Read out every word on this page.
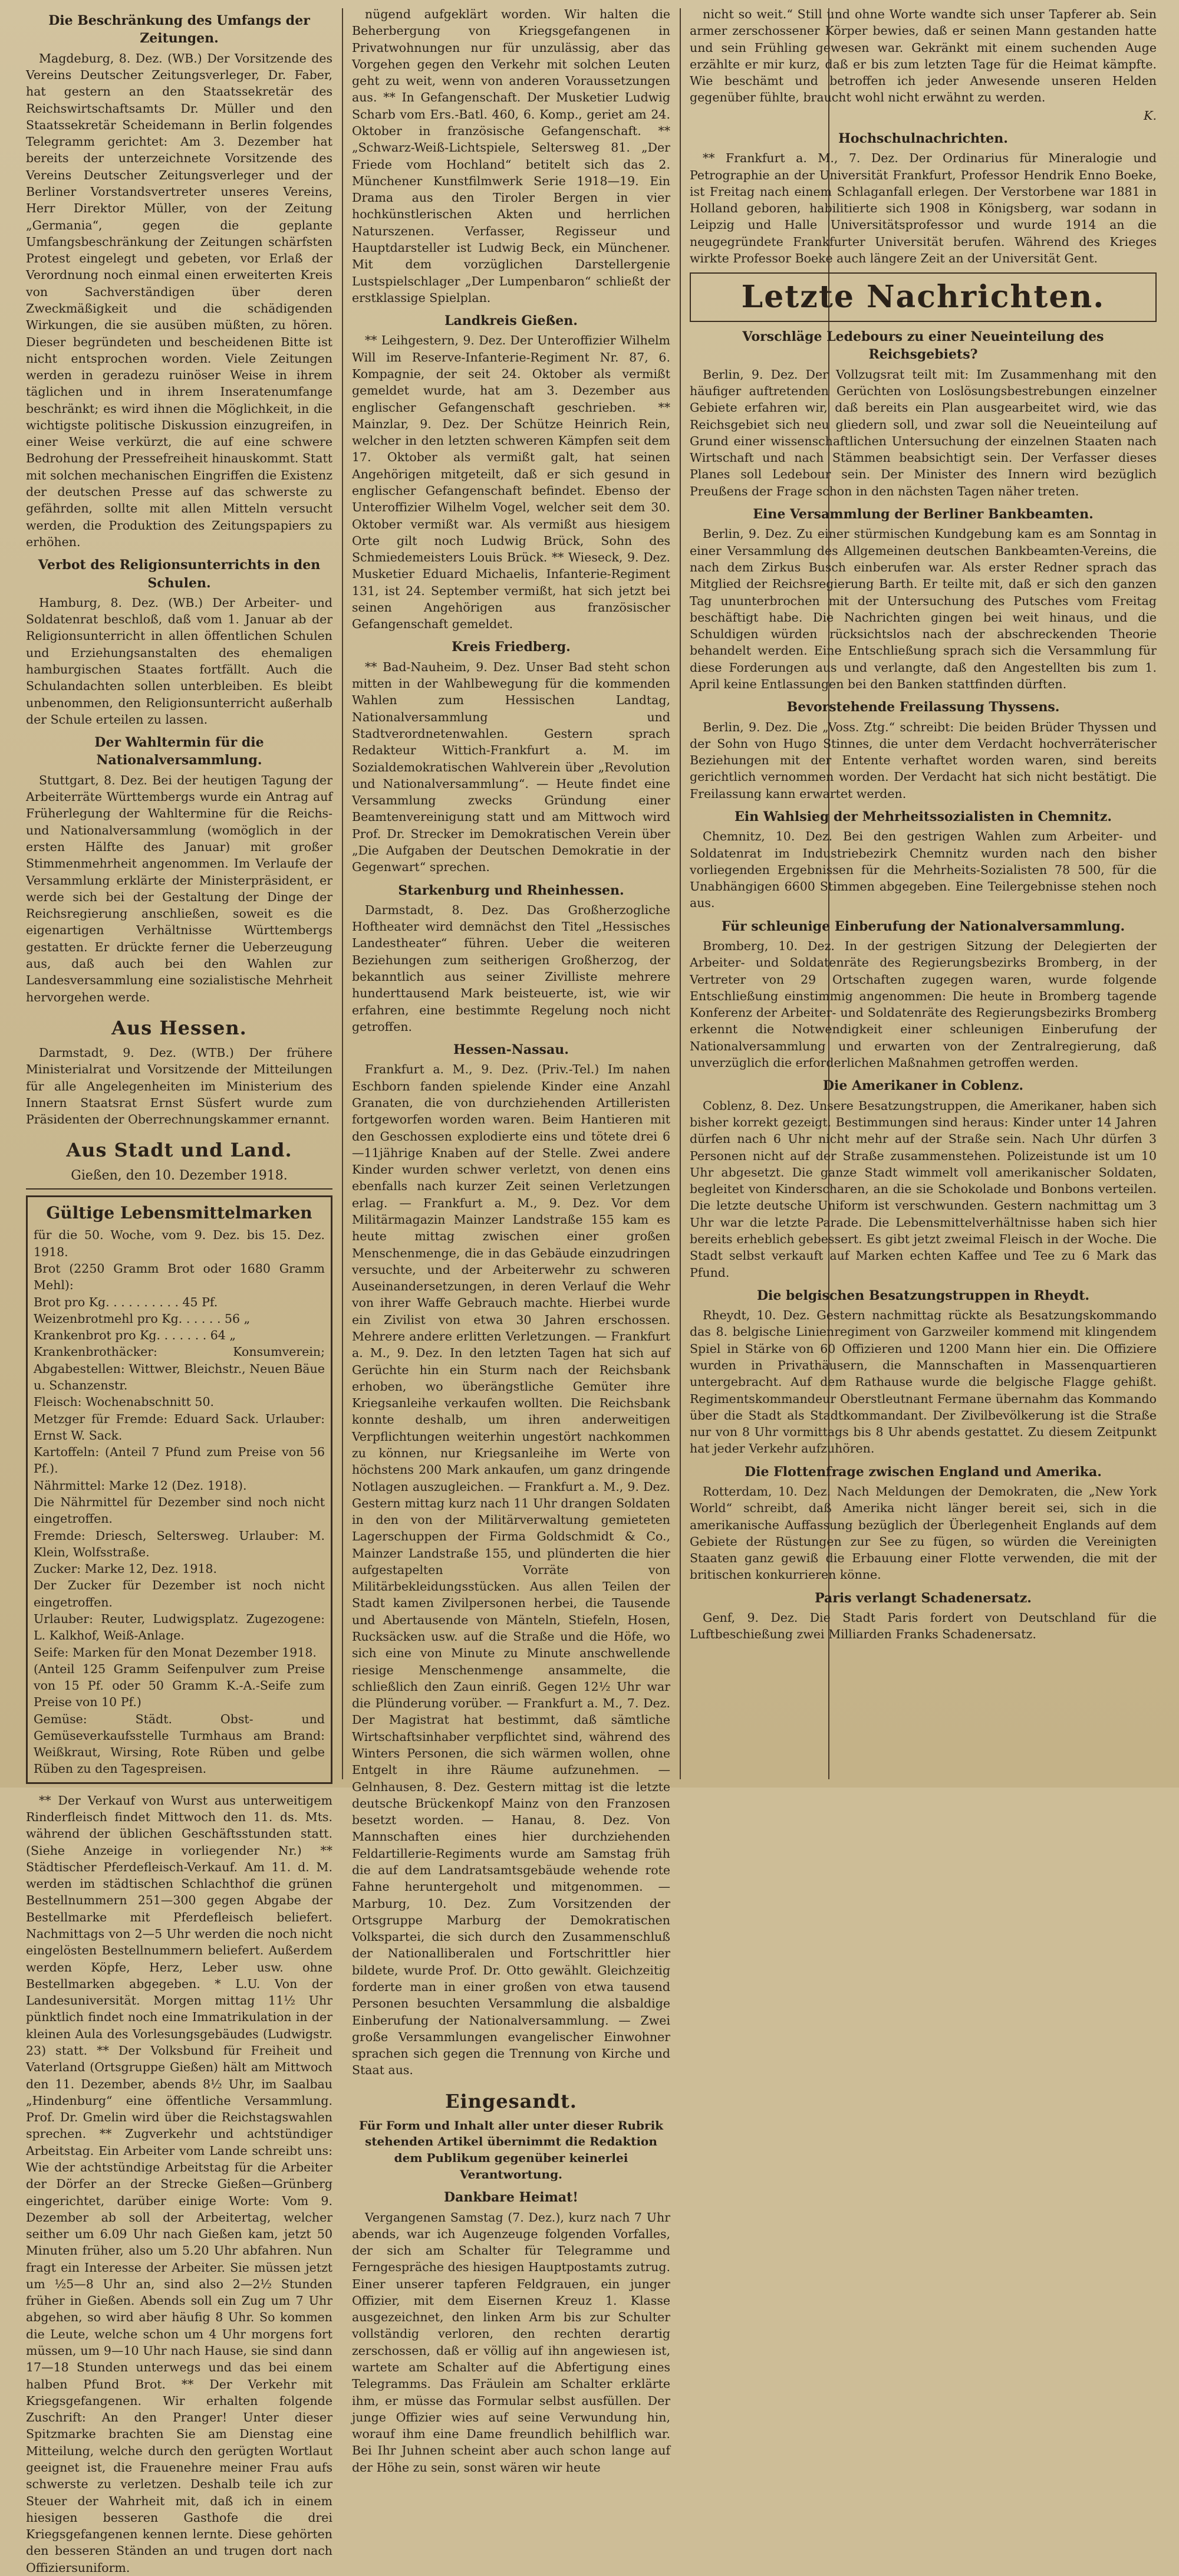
Die Beschränkung des Umfangs der Zeitungen.

Magdeburg, 8. Dez. (WB.) Der Vorsitzende des Vereins Deutscher Zeitungsverleger, Dr. Faber, hat gestern an den Staatssekretär des Reichswirtschaftsamts Dr. Müller und den Staatssekretär Scheidemann in Berlin folgendes Telegramm gerichtet: Am 3. Dezember hat bereits der unterzeichnete Vorsitzende des Vereins Deutscher Zeitungsverleger und der Berliner Vorstandsvertreter unseres Vereins, Herr Direktor Müller, von der Zeitung „Germania“, gegen die geplante Umfangsbeschränkung der Zeitungen schärfsten Protest eingelegt und gebeten, vor Erlaß der Verordnung noch einmal einen erweiterten Kreis von Sachverständigen über deren Zweckmäßigkeit und die schädigenden Wirkungen, die sie ausüben müßten, zu hören. Dieser begründeten und bescheidenen Bitte ist nicht entsprochen worden. Viele Zeitungen werden in geradezu ruinöser Weise in ihrem täglichen und in ihrem Inseratenumfange beschränkt; es wird ihnen die Möglichkeit, in die wichtigste politische Diskussion einzugreifen, in einer Weise verkürzt, die auf eine schwere Bedrohung der Pressefreiheit hinauskommt. Statt mit solchen mechanischen Eingriffen die Existenz der deutschen Presse auf das schwerste zu gefährden, sollte mit allen Mitteln versucht werden, die Produktion des Zeitungspapiers zu erhöhen.

Verbot des Religionsunterrichts in den Schulen.

Hamburg, 8. Dez. (WB.) Der Arbeiter- und Soldatenrat beschloß, daß vom 1. Januar ab der Religionsunterricht in allen öffentlichen Schulen und Erziehungsanstalten des ehemaligen hamburgischen Staates fortfällt. Auch die Schulandachten sollen unterbleiben. Es bleibt unbenommen, den Religionsunterricht außerhalb der Schule erteilen zu lassen.

Der Wahltermin für die Nationalversammlung.

Stuttgart, 8. Dez. Bei der heutigen Tagung der Arbeiterräte Württembergs wurde ein Antrag auf Früherlegung der Wahltermine für die Reichs- und Nationalversammlung (womöglich in der ersten Hälfte des Januar) mit großer Stimmenmehrheit angenommen. Im Verlaufe der Versammlung erklärte der Ministerpräsident, er werde sich bei der Gestaltung der Dinge der Reichsregierung anschließen, soweit es die eigenartigen Verhältnisse Württembergs gestatten. Er drückte ferner die Ueberzeugung aus, daß auch bei den Wahlen zur Landesversammlung eine sozialistische Mehrheit hervorgehen werde.

Aus Hessen.

Darmstadt, 9. Dez. (WTB.) Der frühere Ministerialrat und Vorsitzende der Mitteilungen für alle Angelegenheiten im Ministerium des Innern Staatsrat Ernst Süsfert wurde zum Präsidenten der Oberrechnungskammer ernannt.

Aus Stadt und Land.
Gießen, den 10. Dezember 1918.
Gültige Lebensmittelmarken
für die 50. Woche, vom 9. Dez. bis 15. Dez. 1918.
Brot (2250 Gramm Brot oder 1680 Gramm Mehl):
Brot pro Kg. . . . . . . . . . 45 Pf.
Weizenbrotmehl pro Kg. . . . . . 56 „
Krankenbrot pro Kg. . . . . . . 64 „
Krankenbrothäcker: Konsumverein; Abgabestellen: Wittwer, Bleichstr., Neuen Bäue u. Schanzenstr.
Fleisch: Wochenabschnitt 50.
Metzger für Fremde: Eduard Sack. Urlauber: Ernst W. Sack.
Kartoffeln: (Anteil 7 Pfund zum Preise von 56 Pf.).
Nährmittel: Marke 12 (Dez. 1918).
Die Nährmittel für Dezember sind noch nicht eingetroffen.
Fremde: Driesch, Seltersweg. Urlauber: M. Klein, Wolfsstraße.
Zucker: Marke 12, Dez. 1918.
Der Zucker für Dezember ist noch nicht eingetroffen.
Urlauber: Reuter, Ludwigsplatz. Zugezogene: L. Kalkhof, Weiß-Anlage.
Seife: Marken für den Monat Dezember 1918.
(Anteil 125 Gramm Seifenpulver zum Preise von 15 Pf. oder 50 Gramm K.-A.-Seife zum Preise von 10 Pf.)
Gemüse: Städt. Obst- und Gemüseverkaufsstelle Turmhaus am Brand: Weißkraut, Wirsing, Rote Rüben und gelbe Rüben zu den Tagespreisen.

** Der Verkauf von Wurst aus unterweitigem Rinderfleisch findet Mittwoch den 11. ds. Mts. während der üblichen Geschäftsstunden statt. (Siehe Anzeige in vorliegender Nr.) ** Städtischer Pferdefleisch-Verkauf. Am 11. d. M. werden im städtischen Schlachthof die grünen Bestellnummern 251—300 gegen Abgabe der Bestellmarke mit Pferdefleisch beliefert. Nachmittags von 2—5 Uhr werden die noch nicht eingelösten Bestellnummern beliefert. Außerdem werden Köpfe, Herz, Leber usw. ohne Bestellmarken abgegeben. * L.U. Von der Landesuniversität. Morgen mittag 11½ Uhr pünktlich findet noch eine Immatrikulation in der kleinen Aula des Vorlesungsgebäudes (Ludwigstr. 23) statt. ** Der Volksbund für Freiheit und Vaterland (Ortsgruppe Gießen) hält am Mittwoch den 11. Dezember, abends 8½ Uhr, im Saalbau „Hindenburg“ eine öffentliche Versammlung. Prof. Dr. Gmelin wird über die Reichstagswahlen sprechen. ** Zugverkehr und achtstündiger Arbeitstag. Ein Arbeiter vom Lande schreibt uns: Wie der achtstündige Arbeitstag für die Arbeiter der Dörfer an der Strecke Gießen—Grünberg eingerichtet, darüber einige Worte: Vom 9. Dezember ab soll der Arbeitertag, welcher seither um 6.09 Uhr nach Gießen kam, jetzt 50 Minuten früher, also um 5.20 Uhr abfahren. Nun fragt ein Interesse der Arbeiter. Sie müssen jetzt um ½5—8 Uhr an, sind also 2—2½ Stunden früher in Gießen. Abends soll ein Zug um 7 Uhr abgehen, so wird aber häufig 8 Uhr. So kommen die Leute, welche schon um 4 Uhr morgens fort müssen, um 9—10 Uhr nach Hause, sie sind dann 17—18 Stunden unterwegs und das bei einem halben Pfund Brot. ** Der Verkehr mit Kriegsgefangenen. Wir erhalten folgende Zuschrift: An den Pranger! Unter dieser Spitzmarke brachten Sie am Dienstag eine Mitteilung, welche durch den gerügten Wortlaut geeignet ist, die Frauenehre meiner Frau aufs schwerste zu verletzen. Deshalb teile ich zur Steuer der Wahrheit mit, daß ich in einem hiesigen besseren Gasthofe die drei Kriegsgefangenen kennen lernte. Diese gehörten den besseren Ständen an und trugen dort nach Offiziersuniform.

nügend aufgeklärt worden. Wir halten die Beherbergung von Kriegsgefangenen in Privatwohnungen nur für unzulässig, aber das Vorgehen gegen den Verkehr mit solchen Leuten geht zu weit, wenn von anderen Voraussetzungen aus. ** In Gefangenschaft. Der Musketier Ludwig Scharb vom Ers.-Batl. 460, 6. Komp., geriet am 24. Oktober in französische Gefangenschaft. ** „Schwarz-Weiß-Lichtspiele, Seltersweg 81. „Der Friede vom Hochland“ betitelt sich das 2. Münchener Kunstfilmwerk Serie 1918—19. Ein Drama aus den Tiroler Bergen in vier hochkünstlerischen Akten und herrlichen Naturszenen. Verfasser, Regisseur und Hauptdarsteller ist Ludwig Beck, ein Münchener. Mit dem vorzüglichen Darstellergenie Lustspielschlager „Der Lumpenbaron“ schließt der erstklassige Spielplan.

Landkreis Gießen.

** Leihgestern, 9. Dez. Der Unteroffizier Wilhelm Will im Reserve-Infanterie-Regiment Nr. 87, 6. Kompagnie, der seit 24. Oktober als vermißt gemeldet wurde, hat am 3. Dezember aus englischer Gefangenschaft geschrieben. ** Mainzlar, 9. Dez. Der Schütze Heinrich Rein, welcher in den letzten schweren Kämpfen seit dem 17. Oktober als vermißt galt, hat seinen Angehörigen mitgeteilt, daß er sich gesund in englischer Gefangenschaft befindet. Ebenso der Unteroffizier Wilhelm Vogel, welcher seit dem 30. Oktober vermißt war. Als vermißt aus hiesigem Orte gilt noch Ludwig Brück, Sohn des Schmiedemeisters Louis Brück. ** Wieseck, 9. Dez. Musketier Eduard Michaelis, Infanterie-Regiment 131, ist 24. September vermißt, hat sich jetzt bei seinen Angehörigen aus französischer Gefangenschaft gemeldet.

Kreis Friedberg.

** Bad-Nauheim, 9. Dez. Unser Bad steht schon mitten in der Wahlbewegung für die kommenden Wahlen zum Hessischen Landtag, Nationalversammlung und Stadtverordnetenwahlen. Gestern sprach Redakteur Wittich-Frankfurt a. M. im Sozialdemokratischen Wahlverein über „Revolution und Nationalversammlung“. — Heute findet eine Versammlung zwecks Gründung einer Beamtenvereinigung statt und am Mittwoch wird Prof. Dr. Strecker im Demokratischen Verein über „Die Aufgaben der Deutschen Demokratie in der Gegenwart“ sprechen.

Starkenburg und Rheinhessen.

Darmstadt, 8. Dez. Das Großherzogliche Hoftheater wird demnächst den Titel „Hessisches Landestheater“ führen. Ueber die weiteren Beziehungen zum seitherigen Großherzog, der bekanntlich aus seiner Zivilliste mehrere hunderttausend Mark beisteuerte, ist, wie wir erfahren, eine bestimmte Regelung noch nicht getroffen.

Hessen-Nassau.

Frankfurt a. M., 9. Dez. (Priv.-Tel.) Im nahen Eschborn fanden spielende Kinder eine Anzahl Granaten, die von durchziehenden Artilleristen fortgeworfen worden waren. Beim Hantieren mit den Geschossen explodierte eins und tötete drei 6—11jährige Knaben auf der Stelle. Zwei andere Kinder wurden schwer verletzt, von denen eins ebenfalls nach kurzer Zeit seinen Verletzungen erlag. — Frankfurt a. M., 9. Dez. Vor dem Militärmagazin Mainzer Landstraße 155 kam es heute mittag zwischen einer großen Menschenmenge, die in das Gebäude einzudringen versuchte, und der Arbeiterwehr zu schweren Auseinandersetzungen, in deren Verlauf die Wehr von ihrer Waffe Gebrauch machte. Hierbei wurde ein Zivilist von etwa 30 Jahren erschossen. Mehrere andere erlitten Verletzungen. — Frankfurt a. M., 9. Dez. In den letzten Tagen hat sich auf Gerüchte hin ein Sturm nach der Reichsbank erhoben, wo überängstliche Gemüter ihre Kriegsanleihe verkaufen wollten. Die Reichsbank konnte deshalb, um ihren anderweitigen Verpflichtungen weiterhin ungestört nachkommen zu können, nur Kriegsanleihe im Werte von höchstens 200 Mark ankaufen, um ganz dringende Notlagen auszugleichen. — Frankfurt a. M., 9. Dez. Gestern mittag kurz nach 11 Uhr drangen Soldaten in den von der Militärverwaltung gemieteten Lagerschuppen der Firma Goldschmidt & Co., Mainzer Landstraße 155, und plünderten die hier aufgestapelten Vorräte von Militärbekleidungsstücken. Aus allen Teilen der Stadt kamen Zivilpersonen herbei, die Tausende und Abertausende von Mänteln, Stiefeln, Hosen, Rucksäcken usw. auf die Straße und die Höfe, wo sich eine von Minute zu Minute anschwellende riesige Menschenmenge ansammelte, die schließlich den Zaun einriß. Gegen 12½ Uhr war die Plünderung vorüber. — Frankfurt a. M., 7. Dez. Der Magistrat hat bestimmt, daß sämtliche Wirtschaftsinhaber verpflichtet sind, während des Winters Personen, die sich wärmen wollen, ohne Entgelt in ihre Räume aufzunehmen. — Gelnhausen, 8. Dez. Gestern mittag ist die letzte deutsche Brückenkopf Mainz von den Franzosen besetzt worden. — Hanau, 8. Dez. Von Mannschaften eines hier durchziehenden Feldartillerie-Regiments wurde am Samstag früh die auf dem Landratsamtsgebäude wehende rote Fahne heruntergeholt und mitgenommen. — Marburg, 10. Dez. Zum Vorsitzenden der Ortsgruppe Marburg der Demokratischen Volkspartei, die sich durch den Zusammenschluß der Nationalliberalen und Fortschrittler hier bildete, wurde Prof. Dr. Otto gewählt. Gleichzeitig forderte man in einer großen von etwa tausend Personen besuchten Versammlung die alsbaldige Einberufung der Nationalversammlung. — Zwei große Versammlungen evangelischer Einwohner sprachen sich gegen die Trennung von Kirche und Staat aus.

Eingesandt.
Für Form und Inhalt aller unter dieser Rubrik stehenden Artikel übernimmt die Redaktion dem Publikum gegenüber keinerlei Verantwortung.
Dankbare Heimat!

Vergangenen Samstag (7. Dez.), kurz nach 7 Uhr abends, war ich Augenzeuge folgenden Vorfalles, der sich am Schalter für Telegramme und Ferngespräche des hiesigen Hauptpostamts zutrug. Einer unserer tapferen Feldgrauen, ein junger Offizier, mit dem Eisernen Kreuz 1. Klasse ausgezeichnet, den linken Arm bis zur Schulter vollständig verloren, den rechten derartig zerschossen, daß er völlig auf ihn angewiesen ist, wartete am Schalter auf die Abfertigung eines Telegramms. Das Fräulein am Schalter erklärte ihm, er müsse das Formular selbst ausfüllen. Der junge Offizier wies auf seine Verwundung hin, worauf ihm eine Dame freundlich behilflich war. Bei Ihr Juhnen scheint aber auch schon lange auf der Höhe zu sein, sonst wären wir heute

nicht so weit.“ Still und ohne Worte wandte sich unser Tapferer ab. Sein armer zerschossener Körper bewies, daß er seinen Mann gestanden hatte und sein Frühling gewesen war. Gekränkt mit einem suchenden Auge erzählte er mir kurz, daß er bis zum letzten Tage für die Heimat kämpfte. Wie beschämt und betroffen ich jeder Anwesende unseren Helden gegenüber fühlte, braucht wohl nicht erwähnt zu werden.

K.
Hochschulnachrichten.

** Frankfurt a. M., 7. Dez. Der Ordinarius für Mineralogie und Petrographie an der Universität Frankfurt, Professor Hendrik Enno Boeke, ist Freitag nach einem Schlaganfall erlegen. Der Verstorbene war 1881 in Holland geboren, habilitierte sich 1908 in Königsberg, war sodann in Leipzig und Halle Universitätsprofessor und wurde 1914 an die neugegründete Frankfurter Universität berufen. Während des Krieges wirkte Professor Boeke auch längere Zeit an der Universität Gent.

Letzte Nachrichten.
Vorschläge Ledebours zu einer Neueinteilung des Reichsgebiets?

Berlin, 9. Dez. Der Vollzugsrat teilt mit: Im Zusammenhang mit den häufiger auftretenden Gerüchten von Loslösungsbestrebungen einzelner Gebiete erfahren wir, daß bereits ein Plan ausgearbeitet wird, wie das Reichsgebiet sich neu gliedern soll, und zwar soll die Neueinteilung auf Grund einer wissenschaftlichen Untersuchung der einzelnen Staaten nach Wirtschaft und nach Stämmen beabsichtigt sein. Der Verfasser dieses Planes soll Ledebour sein. Der Minister des Innern wird bezüglich Preußens der Frage schon in den nächsten Tagen näher treten.

Eine Versammlung der Berliner Bankbeamten.

Berlin, 9. Dez. Zu einer stürmischen Kundgebung kam es am Sonntag in einer Versammlung des Allgemeinen deutschen Bankbeamten-Vereins, die nach dem Zirkus Busch einberufen war. Als erster Redner sprach das Mitglied der Reichsregierung Barth. Er teilte mit, daß er sich den ganzen Tag ununterbrochen mit der Untersuchung des Putsches vom Freitag beschäftigt habe. Die Nachrichten gingen bei weit hinaus, und die Schuldigen würden rücksichtslos nach der abschreckenden Theorie behandelt werden. Eine Entschließung sprach sich die Versammlung für diese Forderungen aus und verlangte, daß den Angestellten bis zum 1. April keine Entlassungen bei den Banken stattfinden dürften.

Bevorstehende Freilassung Thyssens.

Berlin, 9. Dez. Die „Voss. Ztg.“ schreibt: Die beiden Brüder Thyssen und der Sohn von Hugo Stinnes, die unter dem Verdacht hochverräterischer Beziehungen mit der Entente verhaftet worden waren, sind bereits gerichtlich vernommen worden. Der Verdacht hat sich nicht bestätigt. Die Freilassung kann erwartet werden.

Ein Wahlsieg der Mehrheitssozialisten in Chemnitz.

Chemnitz, 10. Dez. Bei den gestrigen Wahlen zum Arbeiter- und Soldatenrat im Industriebezirk Chemnitz wurden nach den bisher vorliegenden Ergebnissen für die Mehrheits-Sozialisten 78 500, für die Unabhängigen 6600 Stimmen abgegeben. Eine Teilergebnisse stehen noch aus.

Für schleunige Einberufung der Nationalversammlung.

Bromberg, 10. Dez. In der gestrigen Sitzung der Delegierten der Arbeiter- und Soldatenräte des Regierungsbezirks Bromberg, in der Vertreter von 29 Ortschaften zugegen waren, wurde folgende Entschließung einstimmig angenommen: Die heute in Bromberg tagende Konferenz der Arbeiter- und Soldatenräte des Regierungsbezirks Bromberg erkennt die Notwendigkeit einer schleunigen Einberufung der Nationalversammlung und erwarten von der Zentralregierung, daß unverzüglich die erforderlichen Maßnahmen getroffen werden.

Die Amerikaner in Coblenz.

Coblenz, 8. Dez. Unsere Besatzungstruppen, die Amerikaner, haben sich bisher korrekt gezeigt. Bestimmungen sind heraus: Kinder unter 14 Jahren dürfen nach 6 Uhr nicht mehr auf der Straße sein. Nach Uhr dürfen 3 Personen nicht auf der Straße zusammenstehen. Polizeistunde ist um 10 Uhr abgesetzt. Die ganze Stadt wimmelt voll amerikanischer Soldaten, begleitet von Kinderscharen, an die sie Schokolade und Bonbons verteilen. Die letzte deutsche Uniform ist verschwunden. Gestern nachmittag um 3 Uhr war die letzte Parade. Die Lebensmittelverhältnisse haben sich hier bereits erheblich gebessert. Es gibt jetzt zweimal Fleisch in der Woche. Die Stadt selbst verkauft auf Marken echten Kaffee und Tee zu 6 Mark das Pfund.

Die belgischen Besatzungstruppen in Rheydt.

Rheydt, 10. Dez. Gestern nachmittag rückte als Besatzungskommando das 8. belgische Linienregiment von Garzweiler kommend mit klingendem Spiel in Stärke von 60 Offizieren und 1200 Mann hier ein. Die Offiziere wurden in Privathäusern, die Mannschaften in Massenquartieren untergebracht. Auf dem Rathause wurde die belgische Flagge gehißt. Regimentskommandeur Oberstleutnant Fermane übernahm das Kommando über die Stadt als Stadtkommandant. Der Zivilbevölkerung ist die Straße nur von 8 Uhr vormittags bis 8 Uhr abends gestattet. Zu diesem Zeitpunkt hat jeder Verkehr aufzuhören.

Die Flottenfrage zwischen England und Amerika.

Rotterdam, 10. Dez. Nach Meldungen der Demokraten, die „New York World“ schreibt, daß Amerika nicht länger bereit sei, sich in die amerikanische Auffassung bezüglich der Überlegenheit Englands auf dem Gebiete der Rüstungen zur See zu fügen, so würden die Vereinigten Staaten ganz gewiß die Erbauung einer Flotte verwenden, die mit der britischen konkurrieren könne.

Paris verlangt Schadenersatz.

Genf, 9. Dez. Die Stadt Paris fordert von Deutschland für die Luftbeschießung zwei Milliarden Franks Schadenersatz.
